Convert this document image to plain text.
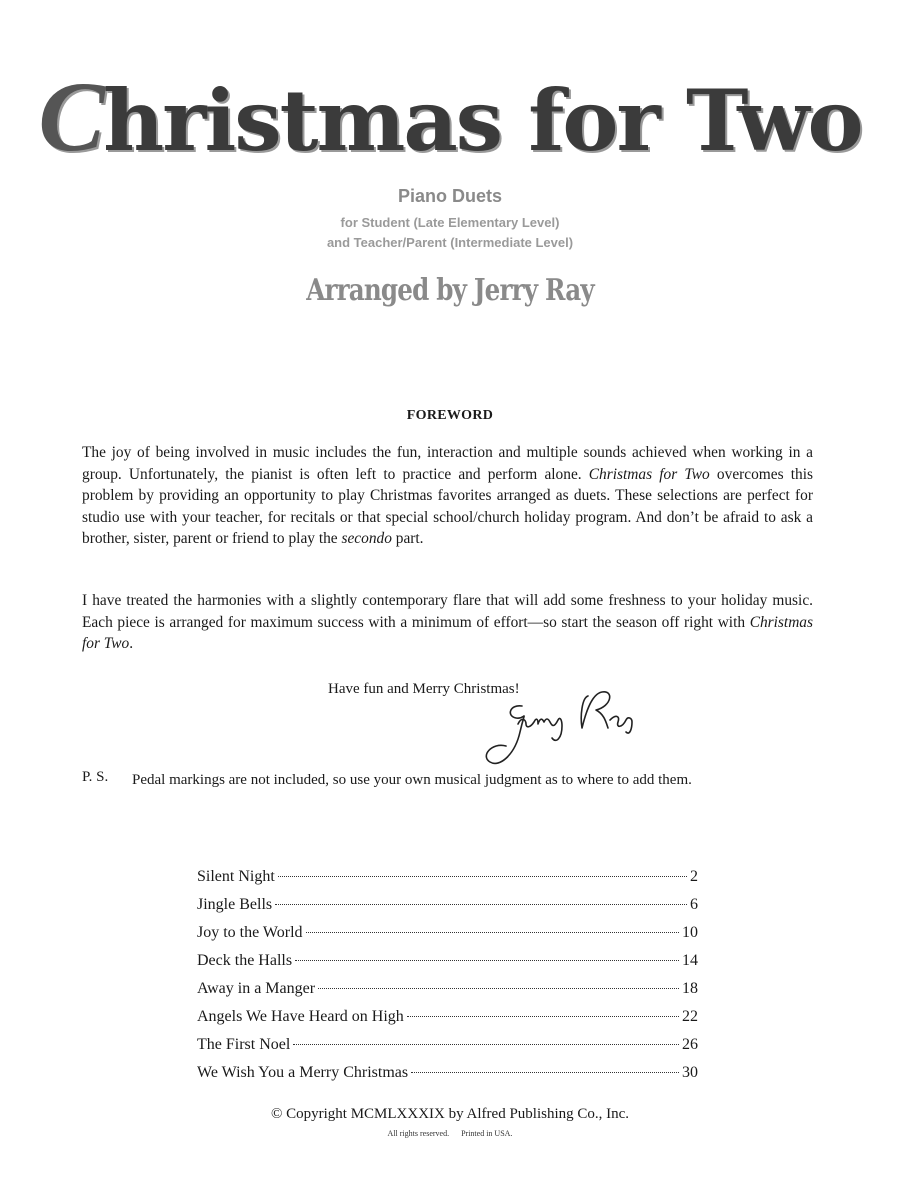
Christmas for Two
Piano Duets
for Student (Late Elementary Level)
and Teacher/Parent (Intermediate Level)
Arranged by Jerry Ray
FOREWORD

The joy of being involved in music includes the fun, interaction and multiple sounds achieved when working in a group. Unfortunately, the pianist is often left to practice and perform alone. Christmas for Two overcomes this problem by providing an opportunity to play Christmas favorites arranged as duets. These selections are perfect for studio use with your teacher, for recitals or that special school/church holiday program. And don’t be afraid to ask a brother, sister, parent or friend to play the secondo part.

I have treated the harmonies with a slightly contemporary flare that will add some freshness to your holiday music. Each piece is arranged for maximum success with a minimum of effort—so start the season off right with Christmas for Two.

Have fun and Merry Christmas!
P. S. Pedal markings are not included, so use your own musical judgment as to where to add them.

Silent Night	2
Jingle Bells	6
Joy to the World	10
Deck the Halls	14
Away in a Manger	18
Angels We Have Heard on High	22
The First Noel	26
We Wish You a Merry Christmas	30
© Copyright MCMLXXXIX by Alfred Publishing Co., Inc.
All rights reserved. Printed in USA.
